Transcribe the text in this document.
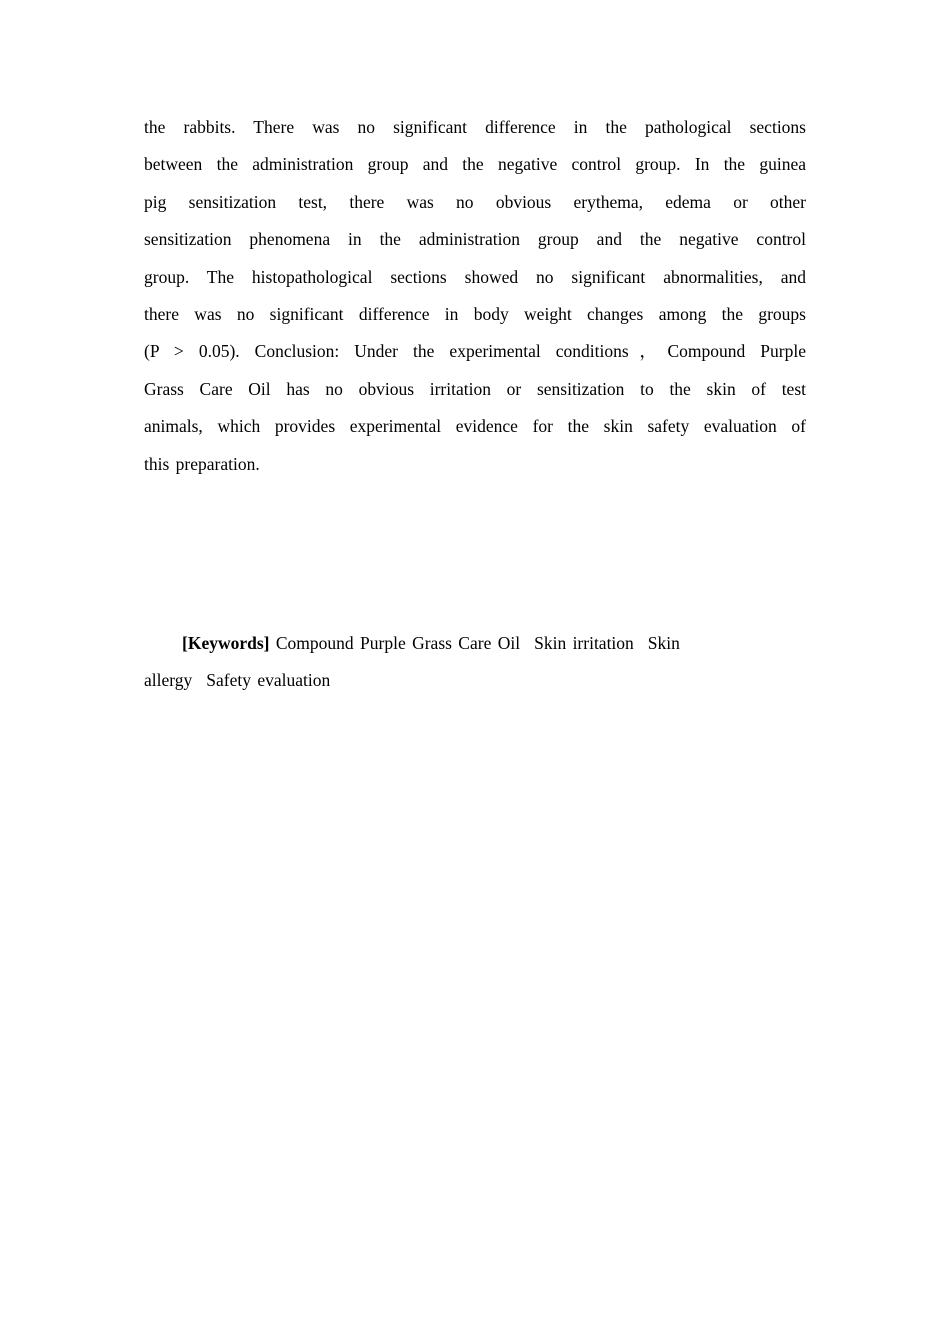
the rabbits. There was no significant difference in the pathological sections
between the administration group and the negative control group. In the guinea
pig sensitization test, there was no obvious erythema, edema or other
sensitization phenomena in the administration group and the negative control
group. The histopathological sections showed no significant abnormalities, and
there was no significant difference in body weight changes among the groups
(P > 0.05). Conclusion: Under the experimental conditions，Compound Purple
Grass Care Oil has no obvious irritation or sensitization to the skin of test
animals, which provides experimental evidence for the skin safety evaluation of
this preparation.
[Keywords] Compound Purple Grass Care Oil Skin irritation Skin
allergy Safety evaluation
